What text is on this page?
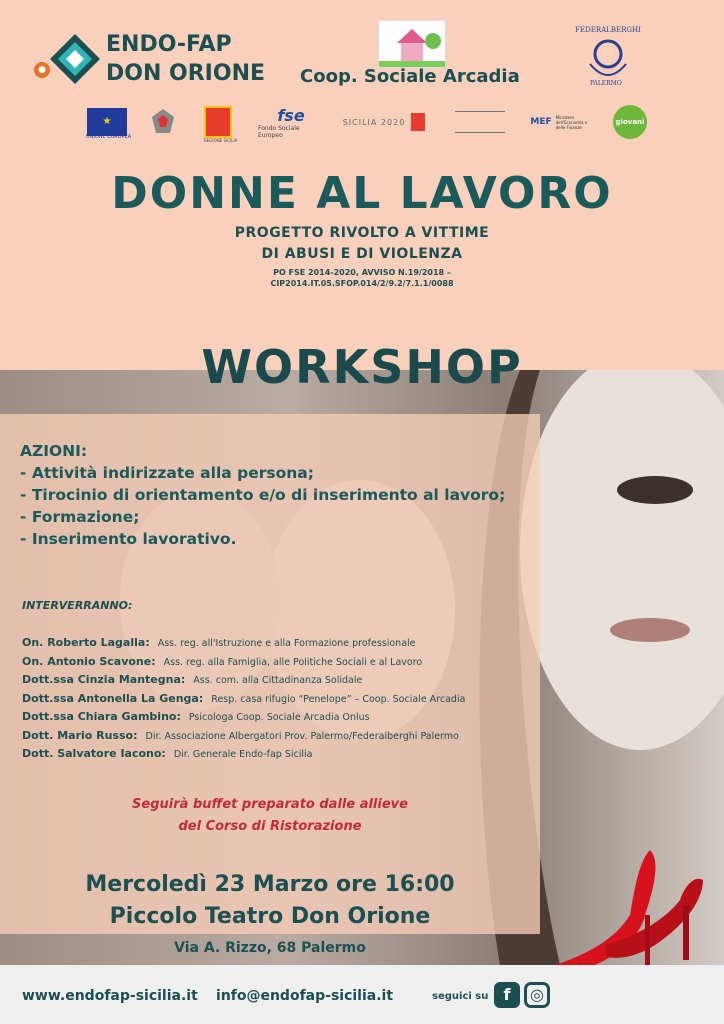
●
ENDO-FAP
DON ORIONE Coop. Sociale Arcadia
FEDERALBERGHI
PALERMO
★
UNIONE EUROPEA
REGIONE SICILIA
fse
Fondo Sociale Europeo
SICILIA 2020	MEF Ministero dell'Economia e delle Finanze
giovani
DONNE AL LAVORO
PROGETTO RIVOLTO A VITTIME
DI ABUSI E DI VIOLENZA
PO FSE 2014-2020, AVVISO N.19/2018 –
CIP2014.IT.05.SFOP.014/2/9.2/7.1.1/0088
WORKSHOP
AZIONI:
- Attività indirizzate alla persona;
- Tirocinio di orientamento e/o di inserimento al lavoro;
- Formazione;
- Inserimento lavorativo.
INTERVERRANNO:
On. Roberto Lagalla: Ass. reg. all'Istruzione e alla Formazione professionale
On. Antonio Scavone: Ass. reg. alla Famiglia, alle Politiche Sociali e al Lavoro
Dott.ssa Cinzia Mantegna: Ass. com. alla Cittadinanza Solidale
Dott.ssa Antonella La Genga: Resp. casa rifugio “Penelope” – Coop. Sociale Arcadia
Dott.ssa Chiara Gambino: Psicologa Coop. Sociale Arcadia Onlus
Dott. Mario Russo: Dir. Associazione Albergatori Prov. Palermo/Federalberghi Palermo
Dott. Salvatore Iacono: Dir. Generale Endo-fap Sicilia
Seguirà buffet preparato dalle allieve
del Corso di Ristorazione
Mercoledì 23 Marzo ore 16:00
Piccolo Teatro Don Orione
Via A. Rizzo, 68 Palermo
www.endofap-sicilia.it info@endofap-sicilia.it	seguici su f	◎
